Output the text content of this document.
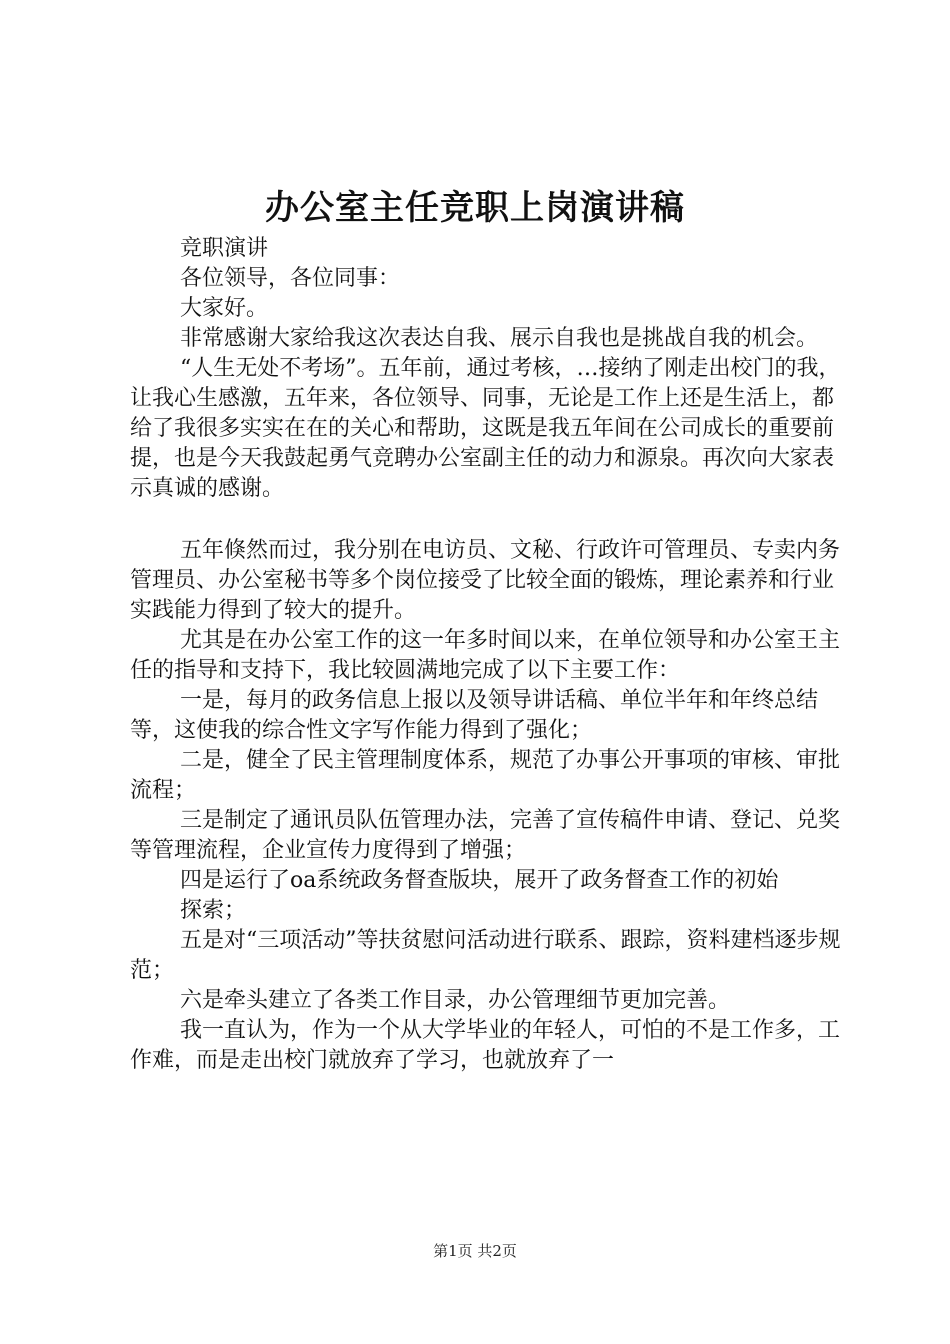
办公室主任竞职上岗演讲稿

竞职演讲

各位领导，各位同事：

大家好。

非常感谢大家给我这次表达自我、展示自我也是挑战自我的机会。

“人生无处不考场”。五年前，通过考核，…接纳了刚走出校门的我，让我心生感激，五年来，各位领导、同事，无论是工作上还是生活上，都给了我很多实实在在的关心和帮助，这既是我五年间在公司成长的重要前提，也是今天我鼓起勇气竞聘办公室副主任的动力和源泉。再次向大家表示真诚的感谢。

五年倏然而过，我分别在电访员、文秘、行政许可管理员、专卖内务管理员、办公室秘书等多个岗位接受了比较全面的锻炼，理论素养和行业实践能力得到了较大的提升。

尤其是在办公室工作的这一年多时间以来，在单位领导和办公室王主任的指导和支持下，我比较圆满地完成了以下主要工作：

一是，每月的政务信息上报以及领导讲话稿、单位半年和年终总结等，这使我的综合性文字写作能力得到了强化；

二是，健全了民主管理制度体系，规范了办事公开事项的审核、审批流程；

三是制定了通讯员队伍管理办法，完善了宣传稿件申请、登记、兑奖等管理流程，企业宣传力度得到了增强；

四是运行了oa系统政务督查版块，展开了政务督查工作的初始

探索；

五是对“三项活动”等扶贫慰问活动进行联系、跟踪，资料建档逐步规范；

六是牵头建立了各类工作目录，办公管理细节更加完善。

我一直认为，作为一个从大学毕业的年轻人，可怕的不是工作多，工作难，而是走出校门就放弃了学习，也就放弃了一

第1页 共2页
